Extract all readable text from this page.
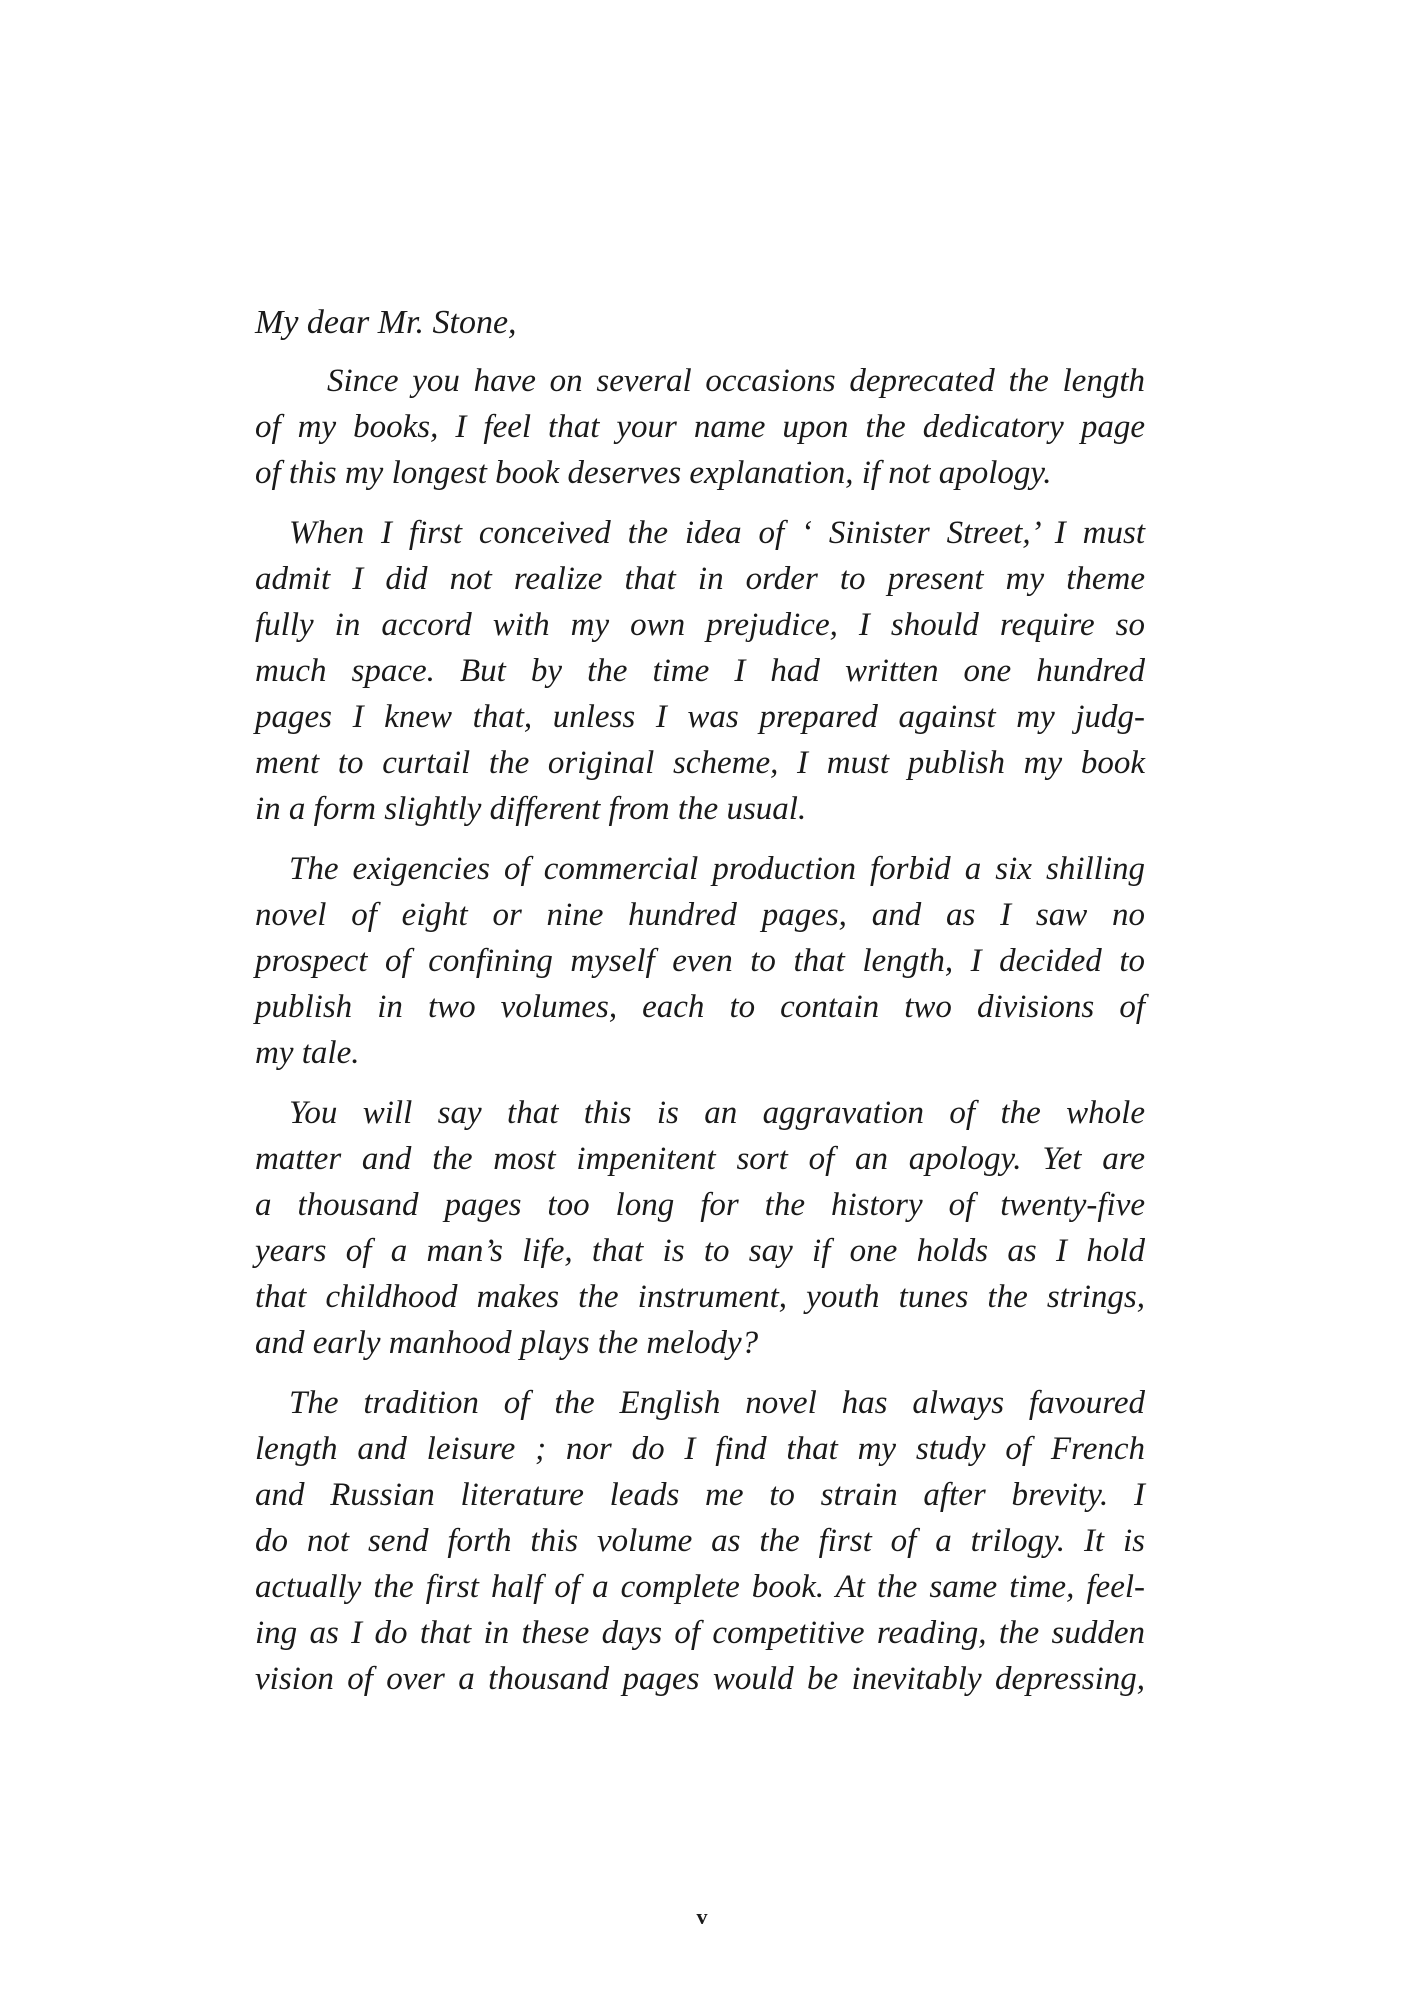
My dear Mr. Stone,
Since you have on several occasions deprecated the length
of my books, I feel that your name upon the dedicatory page
of this my longest book deserves explanation, if not apology.
When I first conceived the idea of ‘ Sinister Street,’ I must
admit I did not realize that in order to present my theme
fully in accord with my own prejudice, I should require so
much space. But by the time I had written one hundred
pages I knew that, unless I was prepared against my judg-
ment to curtail the original scheme, I must publish my book
in a form slightly different from the usual.
The exigencies of commercial production forbid a six shilling
novel of eight or nine hundred pages, and as I saw no
prospect of confining myself even to that length, I decided to
publish in two volumes, each to contain two divisions of
my tale.
You will say that this is an aggravation of the whole
matter and the most impenitent sort of an apology. Yet are
a thousand pages too long for the history of twenty-five
years of a man’s life, that is to say if one holds as I hold
that childhood makes the instrument, youth tunes the strings,
and early manhood plays the melody?
The tradition of the English novel has always favoured
length and leisure ; nor do I find that my study of French
and Russian literature leads me to strain after brevity. I
do not send forth this volume as the first of a trilogy. It is
actually the first half of a complete book. At the same time, feel-
ing as I do that in these days of competitive reading, the sudden
vision of over a thousand pages would be inevitably depressing,
v
